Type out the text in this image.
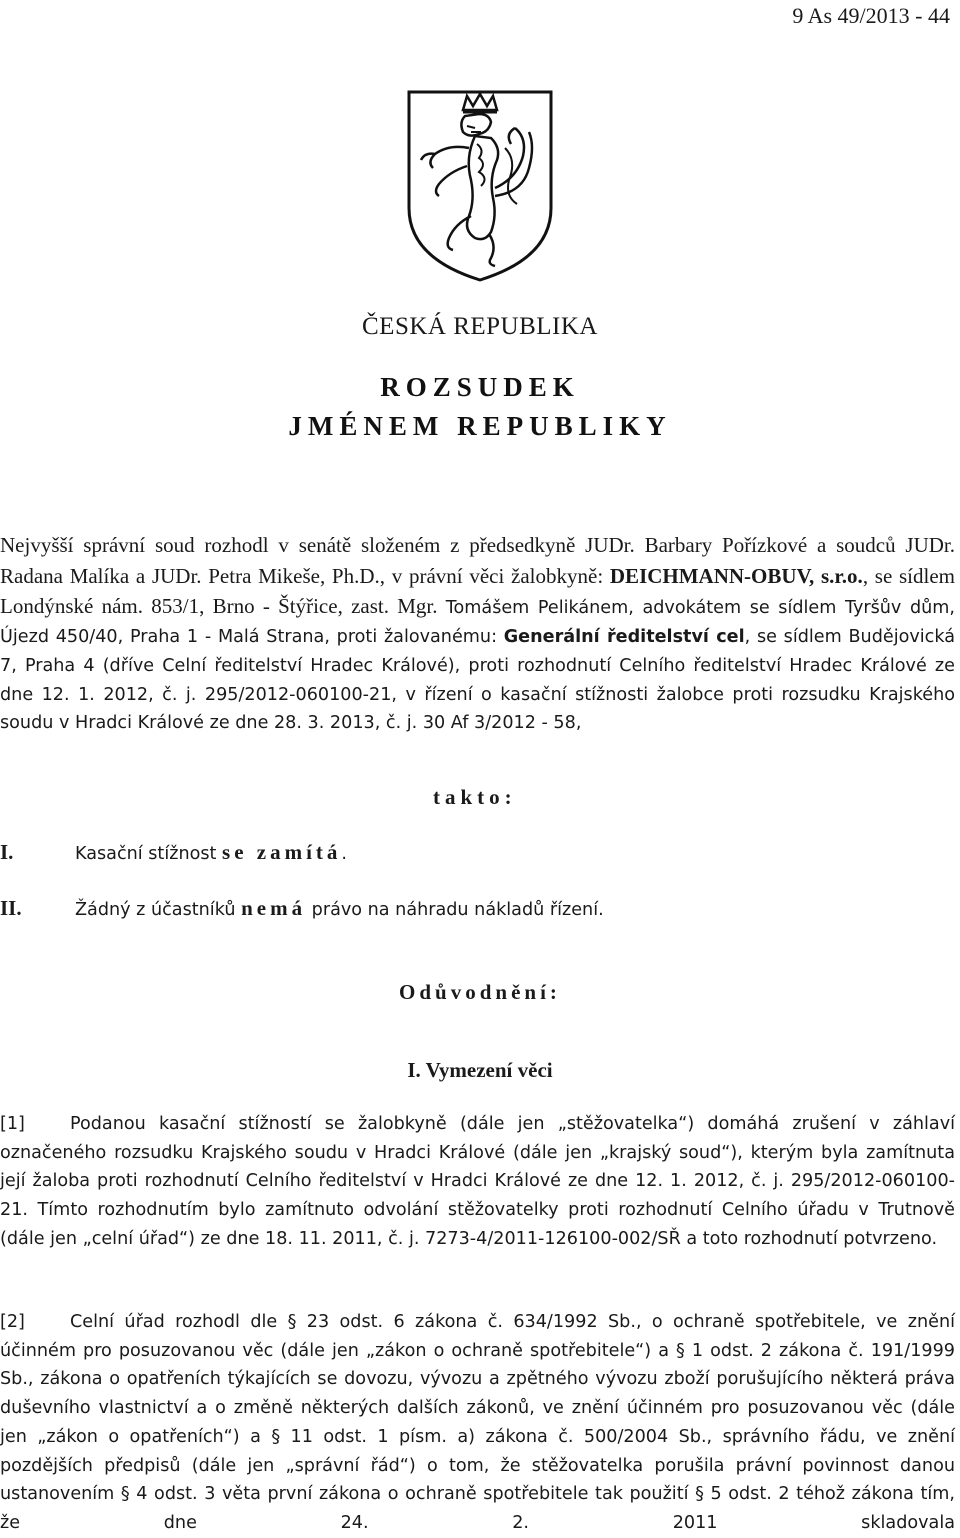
9 As 49/2013 - 44
ČESKÁ REPUBLIKA
ROZSUDEK
JMÉNEM REPUBLIKY
Nejvyšší správní soud rozhodl v senátě složeném z předsedkyně JUDr. Barbary Pořízkové a soudců JUDr. Radana Malíka a JUDr. Petra Mikeše, Ph.D., v právní věci žalobkyně: DEICHMANN-OBUV, s.r.o., se sídlem Londýnské nám. 853/1, Brno - Štýřice, zast. Mgr. Tomášem Pelikánem, advokátem se sídlem Tyršův dům, Újezd 450/40, Praha 1 - Malá Strana, proti žalovanému: Generální ředitelství cel, se sídlem Budějovická 7, Praha 4 (dříve Celní ředitelství Hradec Králové), proti rozhodnutí Celního ředitelství Hradec Králové ze dne 12. 1. 2012, č. j. 295/2012-060100-21, v řízení o kasační stížnosti žalobce proti rozsudku Krajského soudu v Hradci Králové ze dne 28. 3. 2013, č. j. 30 Af 3/2012 - 58,
takto:
I.	Kasační stížnost se zamítá.
II.	Žádný z účastníků nemá právo na náhradu nákladů řízení.
Odůvodnění:
I. Vymezení věci
[1]	Podanou kasační stížností se žalobkyně (dále jen „stěžovatelka“) domáhá zrušení v záhlaví označeného rozsudku Krajského soudu v Hradci Králové (dále jen „krajský soud“), kterým byla zamítnuta její žaloba proti rozhodnutí Celního ředitelství v Hradci Králové ze dne 12. 1. 2012, č. j. 295/2012-060100-21. Tímto rozhodnutím bylo zamítnuto odvolání stěžovatelky proti rozhodnutí Celního úřadu v Trutnově (dále jen „celní úřad“) ze dne 18. 11. 2011, č. j. 7273-4/2011-126100-002/SŘ a toto rozhodnutí potvrzeno.
[2]	Celní úřad rozhodl dle § 23 odst. 6 zákona č. 634/1992 Sb., o ochraně spotřebitele, ve znění účinném pro posuzovanou věc (dále jen „zákon o ochraně spotřebitele“) a § 1 odst. 2 zákona č. 191/1999 Sb., zákona o opatřeních týkajících se dovozu, vývozu a zpětného vývozu zboží porušujícího některá práva duševního vlastnictví a o změně některých dalších zákonů, ve znění účinném pro posuzovanou věc (dále jen „zákon o opatřeních“) a § 11 odst. 1 písm. a) zákona č. 500/2004 Sb., správního řádu, ve znění pozdějších předpisů (dále jen „správní řád“) o tom, že stěžovatelka porušila právní povinnost danou ustanovením § 4 odst. 3 věta první zákona o ochraně spotřebitele tak použití § 5 odst. 2 téhož zákona tím, že dne 24. 2. 2011 skladovala
